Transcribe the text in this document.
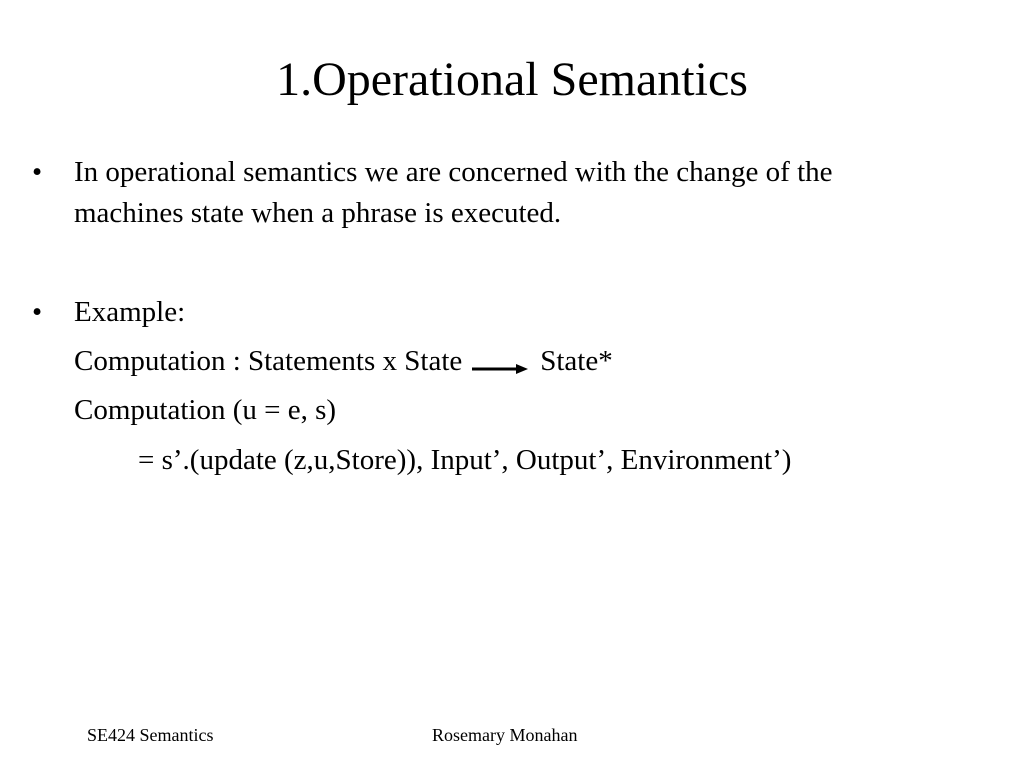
1.Operational Semantics
• In operational semantics we are concerned with the change of the
machines state when a phrase is executed.
• Example:
Computation : Statements x State	State*
Computation (u = e, s)
= s’.(update (z,u,Store)), Input’, Output’, Environment’)
SE424 Semantics	Rosemary Monahan
